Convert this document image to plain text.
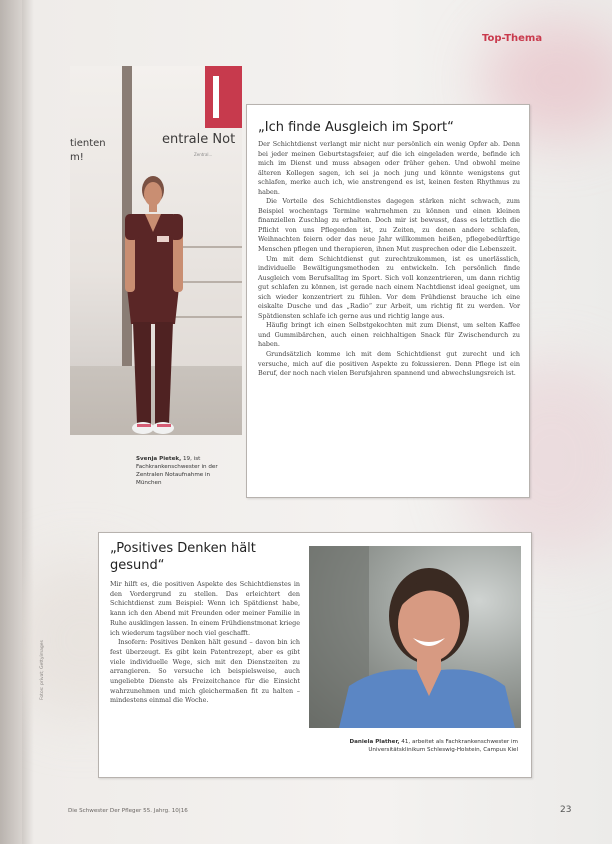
Top-Thema
tienten
m!
entrale Not
Zentral...
Svenja Pietek, 19, ist Fachkrankenschwester in der Zentralen Notaufnahme in München
„Ich finde Ausgleich im Sport“

Der Schichtdienst verlangt mir nicht nur persönlich ein wenig Opfer ab. Denn bei jeder meinen Geburtstagsfeier, auf die ich eingeladen werde, befinde ich mich im Dienst und muss absagen oder früher gehen. Und obwohl meine älteren Kollegen sagen, ich sei ja noch jung und könnte wenigstens gut schlafen, merke auch ich, wie anstrengend es ist, keinen festen Rhythmus zu haben.

Die Vorteile des Schichtdienstes dagegen stärken nicht schwach, zum Beispiel wochentags Termine wahrnehmen zu können und einen kleinen finanziellen Zuschlag zu erhalten. Doch mir ist bewusst, dass es letztlich die Pflicht von uns Pflegenden ist, zu Zeiten, zu denen andere schlafen, Weihnachten feiern oder das neue Jahr willkommen heißen, pflegebedürftige Menschen pflegen und therapieren, ihnen Mut zusprechen oder die Lebenszeit.

Um mit dem Schichtdienst gut zurechtzukommen, ist es unerlässlich, individuelle Bewältigungsmethoden zu entwickeln. Ich persönlich finde Ausgleich vom Berufsalltag im Sport. Sich voll konzentrieren, um dann richtig gut schlafen zu können, ist gerade nach einem Nachtdienst ideal geeignet, um sich wieder konzentriert zu fühlen. Vor dem Frühdienst brauche ich eine eiskalte Dusche und das „Radio“ zur Arbeit, um richtig fit zu werden. Vor Spätdiensten schlafe ich gerne aus und richtig lange aus.

Häufig bringt ich einen Selbstgekochten mit zum Dienst, um selten Kaffee und Gummibärchen, auch einen reichhaltigen Snack für Zwischendurch zu haben.

Grundsätzlich komme ich mit dem Schichtdienst gut zurecht und ich versuche, mich auf die positiven Aspekte zu fokussieren. Denn Pflege ist ein Beruf, der noch nach vielen Berufsjahren spannend und abwechslungsreich ist.

„Positives Denken hält gesund“

Mir hilft es, die positiven Aspekte des Schichtdienstes in den Vordergrund zu stellen. Das erleichtert den Schichtdienst zum Beispiel: Wenn ich Spätdienst habe, kann ich den Abend mit Freunden oder meiner Familie in Ruhe ausklingen lassen. In einem Frühdienstmonat kriege ich wiederum tagsüber noch viel geschafft.

Insofern: Positives Denken hält gesund – davon bin ich fest überzeugt. Es gibt kein Patentrezept, aber es gibt viele individuelle Wege, sich mit den Dienstzeiten zu arrangieren. So versuche ich beispielsweise, auch ungeliebte Dienste als Freizeitchance für die Einsicht wahrzunehmen und mich gleichermaßen fit zu halten – mindestens einmal die Woche.

Daniela Plather, 41, arbeitet als Fachkrankenschwester im Universitätsklinikum Schleswig-Holstein, Campus Kiel
Fotos: privat; Gettyimages
Die Schwester Der Pfleger 55. Jahrg. 10|16	23
